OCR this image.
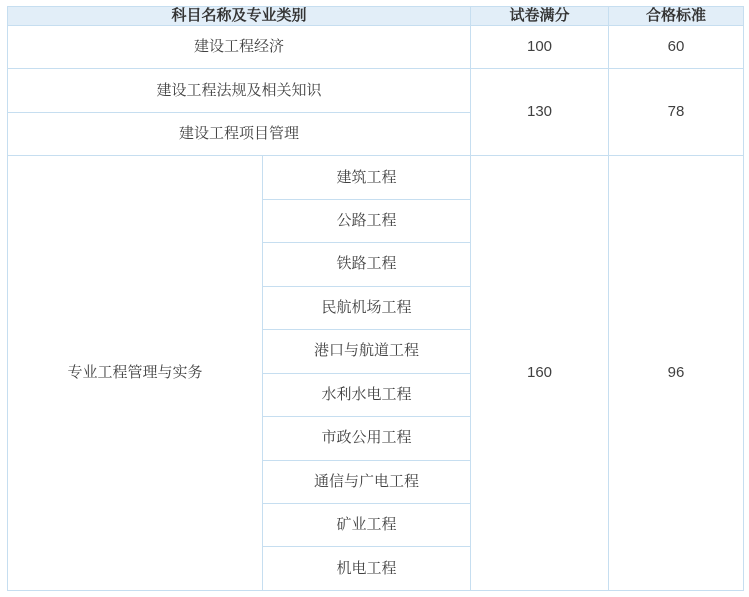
科目名称及专业类别		试卷满分	合格标准
建设工程经济		100	60
建设工程法规及相关知识		130	78
建设工程项目管理			
专业工程管理与实务	建筑工程	160	96
	公路工程		
	铁路工程		
	民航机场工程		
	港口与航道工程		
	水利水电工程		
	市政公用工程		
	通信与广电工程		
	矿业工程		
	机电工程		
